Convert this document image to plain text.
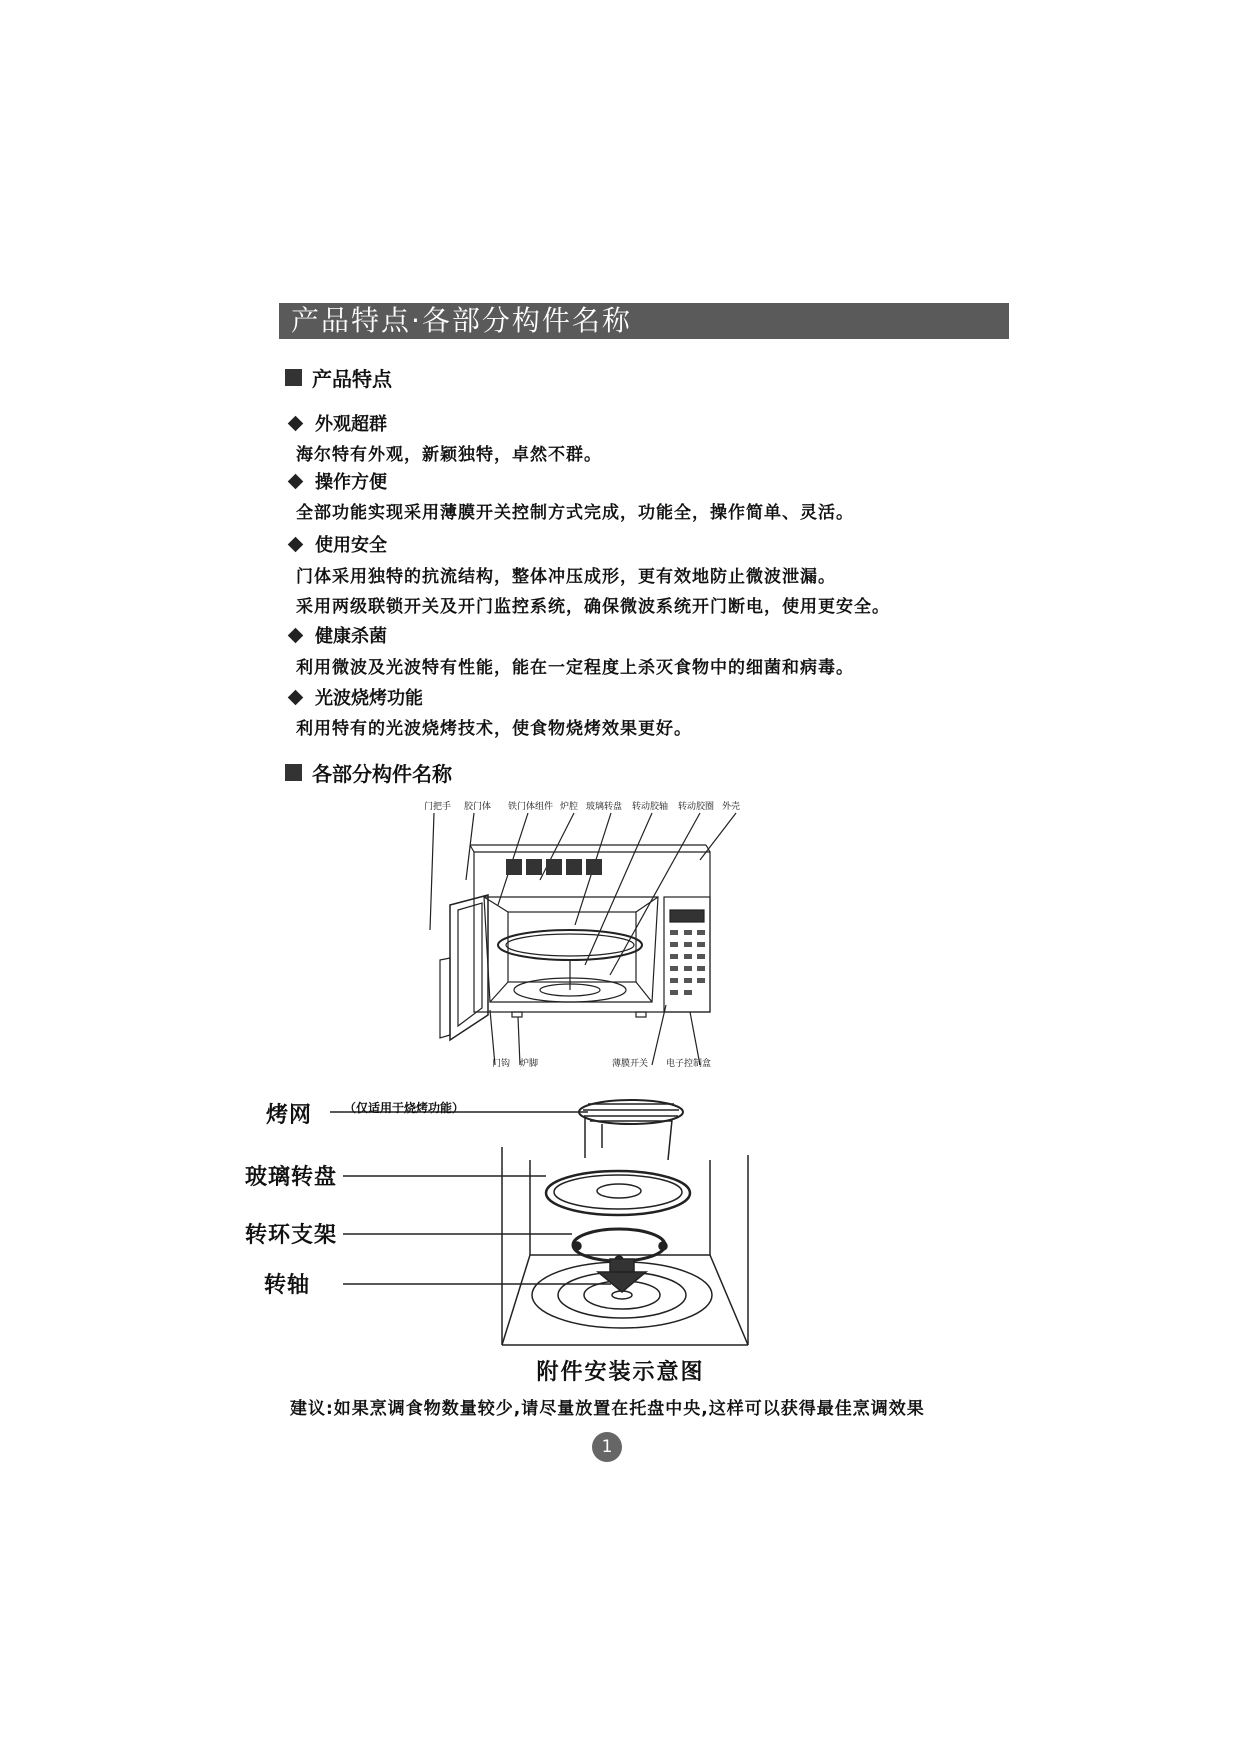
产品特点·各部分构件名称
产品特点
外观超群
海尔特有外观，新颖独特，卓然不群。
操作方便
全部功能实现采用薄膜开关控制方式完成，功能全，操作简单、灵活。
使用安全
门体采用独特的抗流结构，整体冲压成形，更有效地防止微波泄漏。
采用两级联锁开关及开门监控系统，确保微波系统开门断电，使用更安全。
健康杀菌
利用微波及光波特有性能，能在一定程度上杀灭食物中的细菌和病毒。
光波烧烤功能
利用特有的光波烧烤技术，使食物烧烤效果更好。
各部分构件名称
门把手 胶门体 铁门体组件 炉腔 玻璃转盘 转动胶轴 转动胶圈 外壳
门钩 炉脚	薄膜开关 电子控制盒
（仅适用于烧烤功能）
烤网
玻璃转盘
转环支架
转轴
附件安装示意图
建议:如果烹调食物数量较少,请尽量放置在托盘中央,这样可以获得最佳烹调效果
1
